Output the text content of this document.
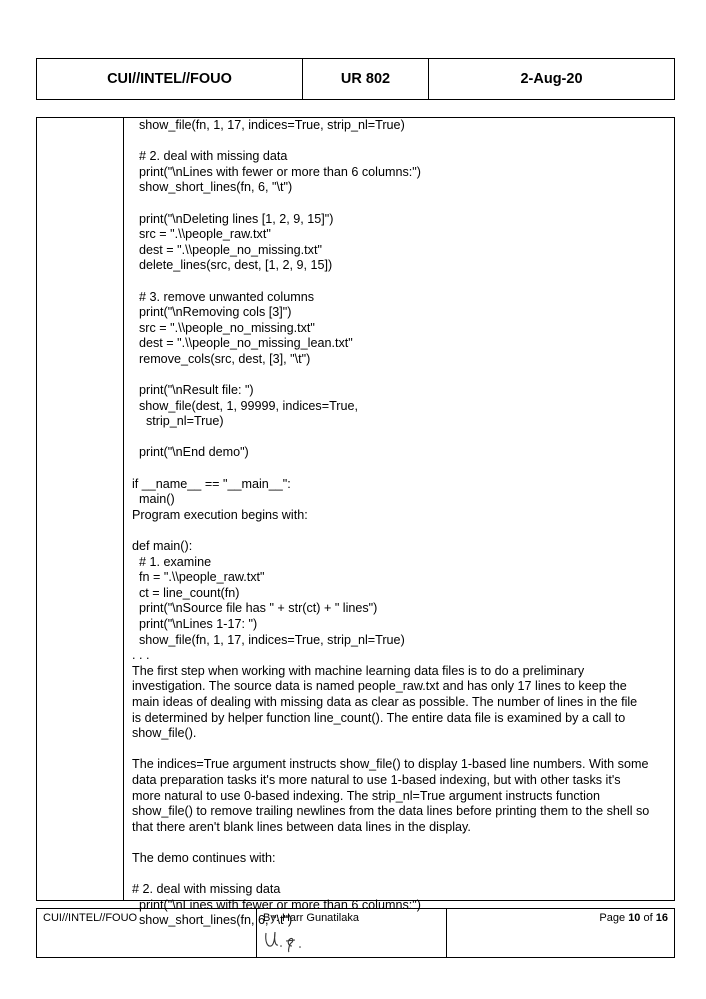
CUI//INTEL//FOUO	UR 802	2-Aug-20
show_file(fn, 1, 17, indices=True, strip_nl=True)
# 2. deal with missing data
print("\nLines with fewer or more than 6 columns:")
show_short_lines(fn, 6, "\t")
print("\nDeleting lines [1, 2, 9, 15]")
src = ".\\people_raw.txt"
dest = ".\\people_no_missing.txt"
delete_lines(src, dest, [1, 2, 9, 15])
# 3. remove unwanted columns
print("\nRemoving cols [3]")
src = ".\\people_no_missing.txt"
dest = ".\\people_no_missing_lean.txt"
remove_cols(src, dest, [3], "\t")
print("\nResult file: ")
show_file(dest, 1, 99999, indices=True,
strip_nl=True)
print("\nEnd demo")
if __name__ == "__main__":
main()
Program execution begins with:
def main():
# 1. examine
fn = ".\\people_raw.txt"
ct = line_count(fn)
print("\nSource file has " + str(ct) + " lines")
print("\nLines 1-17: ")
show_file(fn, 1, 17, indices=True, strip_nl=True)
. . .
The first step when working with machine learning data files is to do a preliminary
investigation. The source data is named people_raw.txt and has only 17 lines to keep the
main ideas of dealing with missing data as clear as possible. The number of lines in the file
is determined by helper function line_count(). The entire data file is examined by a call to
show_file().
The indices=True argument instructs show_file() to display 1-based line numbers. With some
data preparation tasks it's more natural to use 1-based indexing, but with other tasks it's
more natural to use 0-based indexing. The strip_nl=True argument instructs function
show_file() to remove trailing newlines from the data lines before printing them to the shell so
that there aren't blank lines between data lines in the display.
The demo continues with:
# 2. deal with missing data
print("\nLines with fewer or more than 6 columns:")
show_short_lines(fn, 6, "\t")
CUI//INTEL//FOUO	By: Harr Gunatilaka	Page 10 of 16
